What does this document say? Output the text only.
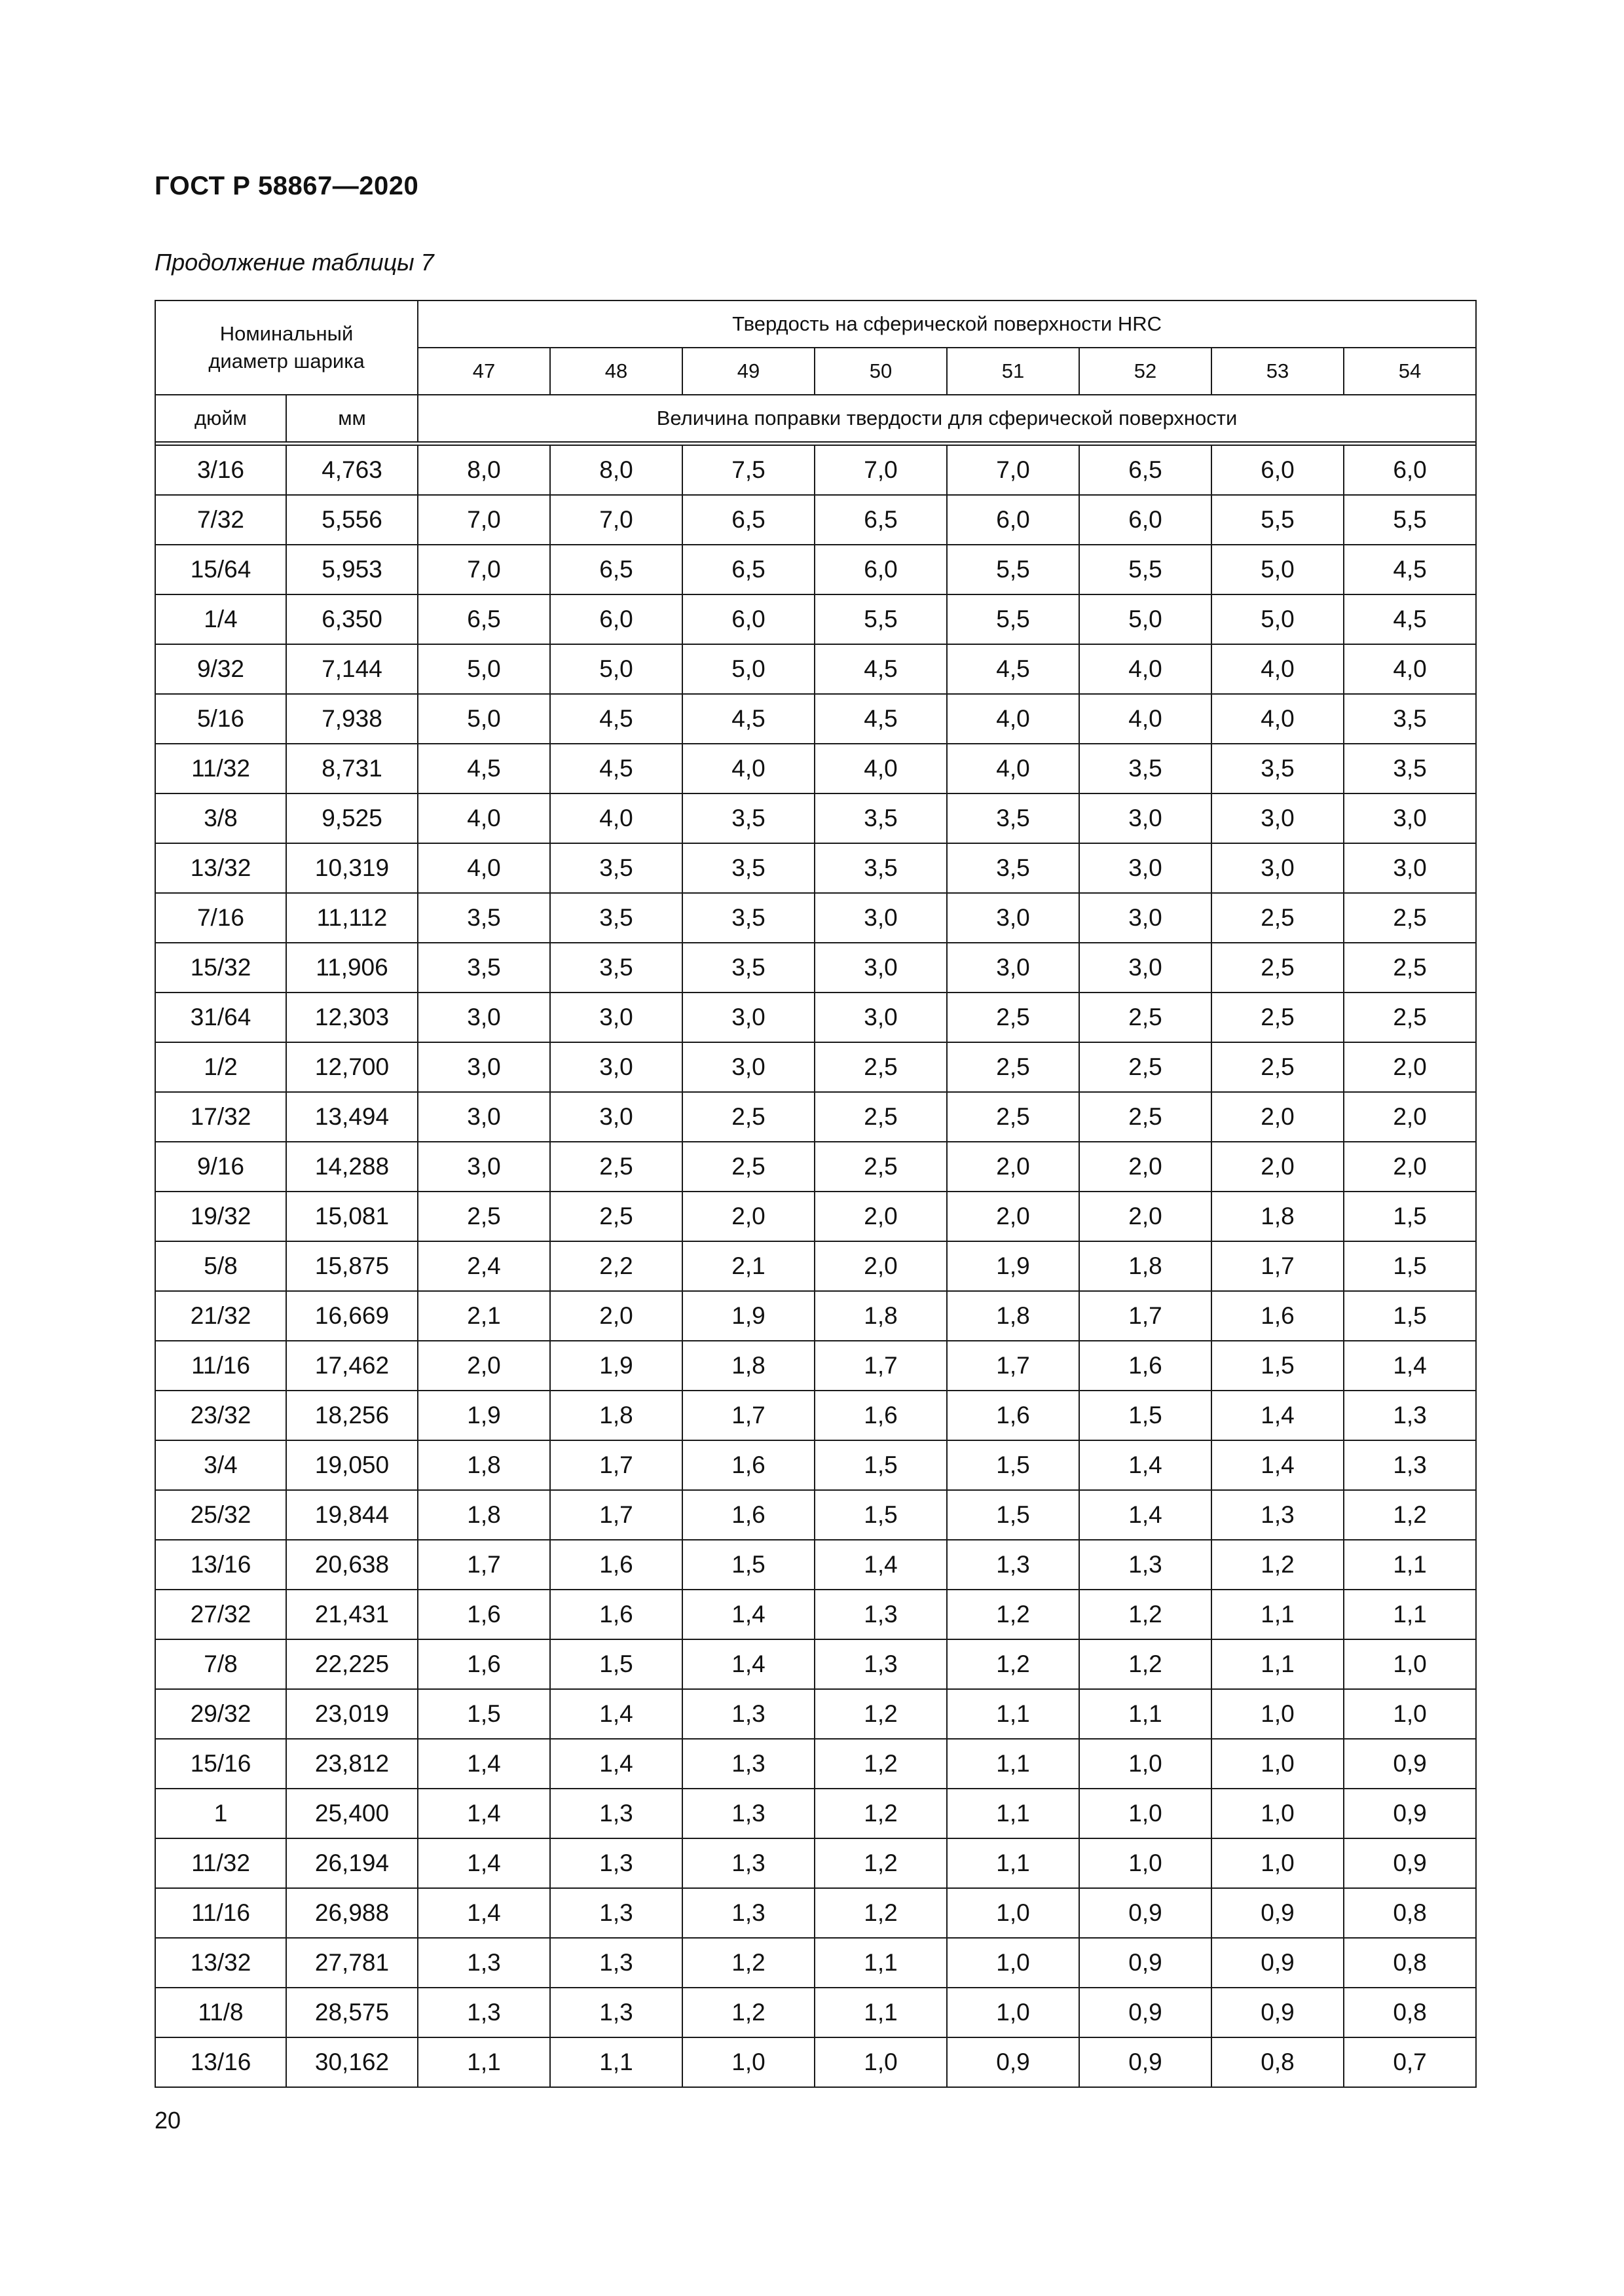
ГОСТ Р 58867—2020
Продолжение таблицы 7
Номинальный
диаметр шарика		Твердость на сферической поверхности HRC							
		47	48	49	50	51	52	53	54
дюйм	мм	Величина поправки твердости для сферической поверхности							

3/16	4,763	8,0	8,0	7,5	7,0	7,0	6,5	6,0	6,0
7/32	5,556	7,0	7,0	6,5	6,5	6,0	6,0	5,5	5,5
15/64	5,953	7,0	6,5	6,5	6,0	5,5	5,5	5,0	4,5
1/4	6,350	6,5	6,0	6,0	5,5	5,5	5,0	5,0	4,5
9/32	7,144	5,0	5,0	5,0	4,5	4,5	4,0	4,0	4,0
5/16	7,938	5,0	4,5	4,5	4,5	4,0	4,0	4,0	3,5
11/32	8,731	4,5	4,5	4,0	4,0	4,0	3,5	3,5	3,5
3/8	9,525	4,0	4,0	3,5	3,5	3,5	3,0	3,0	3,0
13/32	10,319	4,0	3,5	3,5	3,5	3,5	3,0	3,0	3,0
7/16	11,112	3,5	3,5	3,5	3,0	3,0	3,0	2,5	2,5
15/32	11,906	3,5	3,5	3,5	3,0	3,0	3,0	2,5	2,5
31/64	12,303	3,0	3,0	3,0	3,0	2,5	2,5	2,5	2,5
1/2	12,700	3,0	3,0	3,0	2,5	2,5	2,5	2,5	2,0
17/32	13,494	3,0	3,0	2,5	2,5	2,5	2,5	2,0	2,0
9/16	14,288	3,0	2,5	2,5	2,5	2,0	2,0	2,0	2,0
19/32	15,081	2,5	2,5	2,0	2,0	2,0	2,0	1,8	1,5
5/8	15,875	2,4	2,2	2,1	2,0	1,9	1,8	1,7	1,5
21/32	16,669	2,1	2,0	1,9	1,8	1,8	1,7	1,6	1,5
11/16	17,462	2,0	1,9	1,8	1,7	1,7	1,6	1,5	1,4
23/32	18,256	1,9	1,8	1,7	1,6	1,6	1,5	1,4	1,3
3/4	19,050	1,8	1,7	1,6	1,5	1,5	1,4	1,4	1,3
25/32	19,844	1,8	1,7	1,6	1,5	1,5	1,4	1,3	1,2
13/16	20,638	1,7	1,6	1,5	1,4	1,3	1,3	1,2	1,1
27/32	21,431	1,6	1,6	1,4	1,3	1,2	1,2	1,1	1,1
7/8	22,225	1,6	1,5	1,4	1,3	1,2	1,2	1,1	1,0
29/32	23,019	1,5	1,4	1,3	1,2	1,1	1,1	1,0	1,0
15/16	23,812	1,4	1,4	1,3	1,2	1,1	1,0	1,0	0,9
1	25,400	1,4	1,3	1,3	1,2	1,1	1,0	1,0	0,9
11/32	26,194	1,4	1,3	1,3	1,2	1,1	1,0	1,0	0,9
11/16	26,988	1,4	1,3	1,3	1,2	1,0	0,9	0,9	0,8
13/32	27,781	1,3	1,3	1,2	1,1	1,0	0,9	0,9	0,8
11/8	28,575	1,3	1,3	1,2	1,1	1,0	0,9	0,9	0,8
13/16	30,162	1,1	1,1	1,0	1,0	0,9	0,9	0,8	0,7
20
